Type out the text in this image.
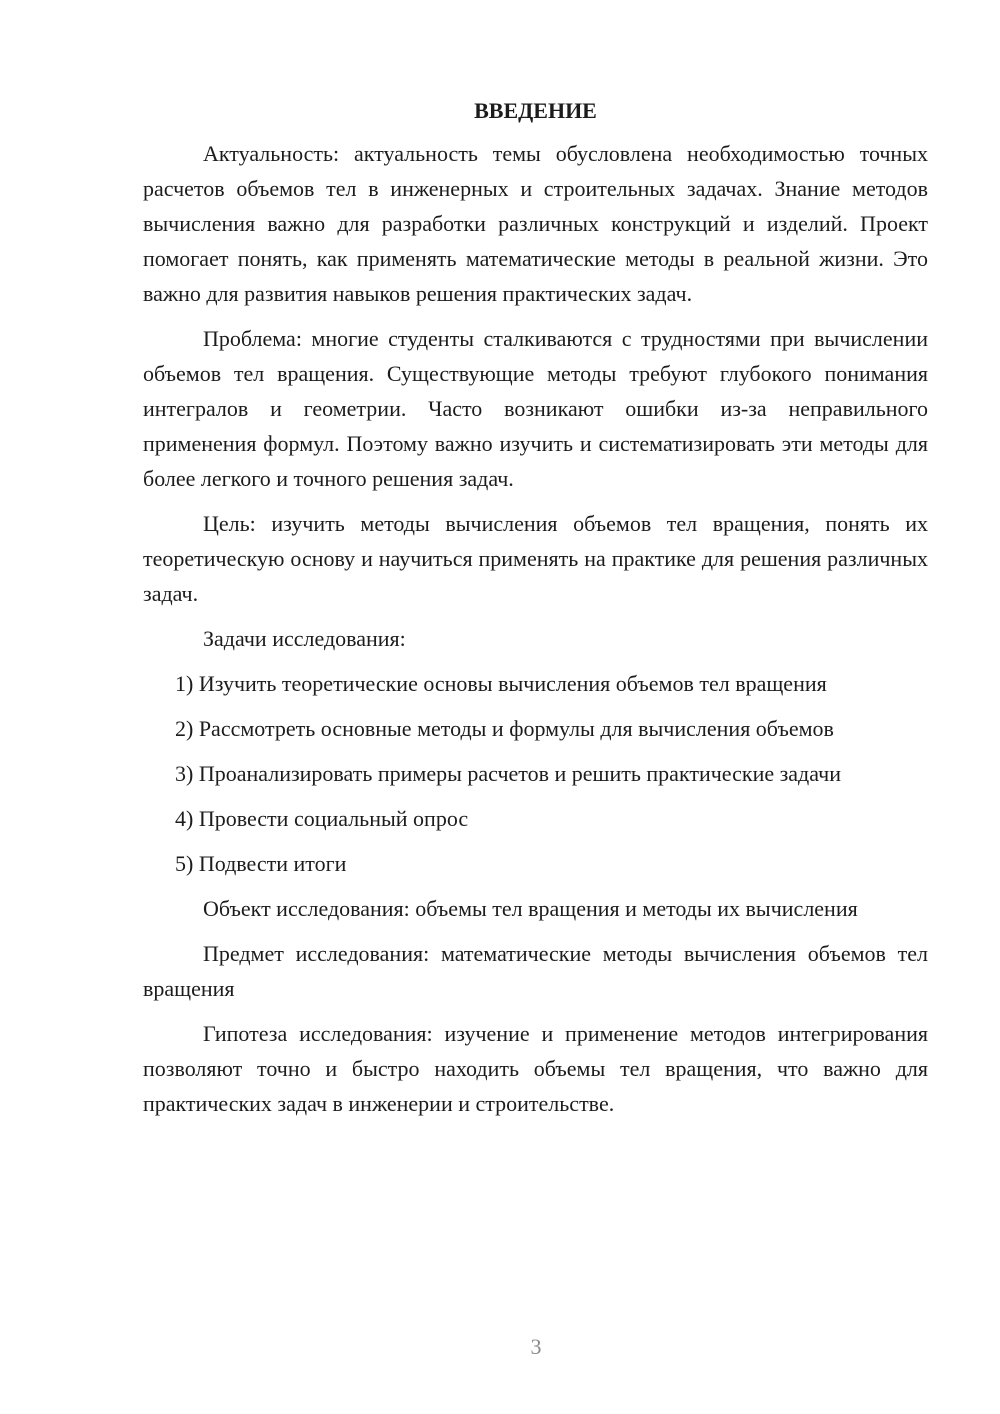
ВВЕДЕНИЕ

Актуальность: актуальность темы обусловлена необходимостью точных расчетов объемов тел в инженерных и строительных задачах. Знание методов вычисления важно для разработки различных конструкций и изделий. Проект помогает понять, как применять математические методы в реальной жизни. Это важно для развития навыков решения практических задач.

Проблема: многие студенты сталкиваются с трудностями при вычислении объемов тел вращения. Существующие методы требуют глубокого понимания интегралов и геометрии. Часто возникают ошибки из-за неправильного применения формул. Поэтому важно изучить и систематизировать эти методы для более легкого и точного решения задач.

Цель: изучить методы вычисления объемов тел вращения, понять их теоретическую основу и научиться применять на практике для решения различных задач.

Задачи исследования:

1) Изучить теоретические основы вычисления объемов тел вращения

2) Рассмотреть основные методы и формулы для вычисления объемов

3) Проанализировать примеры расчетов и решить практические задачи

4) Провести социальный опрос

5) Подвести итоги

Объект исследования: объемы тел вращения и методы их вычисления

Предмет исследования: математические методы вычисления объемов тел вращения

Гипотеза исследования: изучение и применение методов интегрирования позволяют точно и быстро находить объемы тел вращения, что важно для практических задач в инженерии и строительстве.

3
